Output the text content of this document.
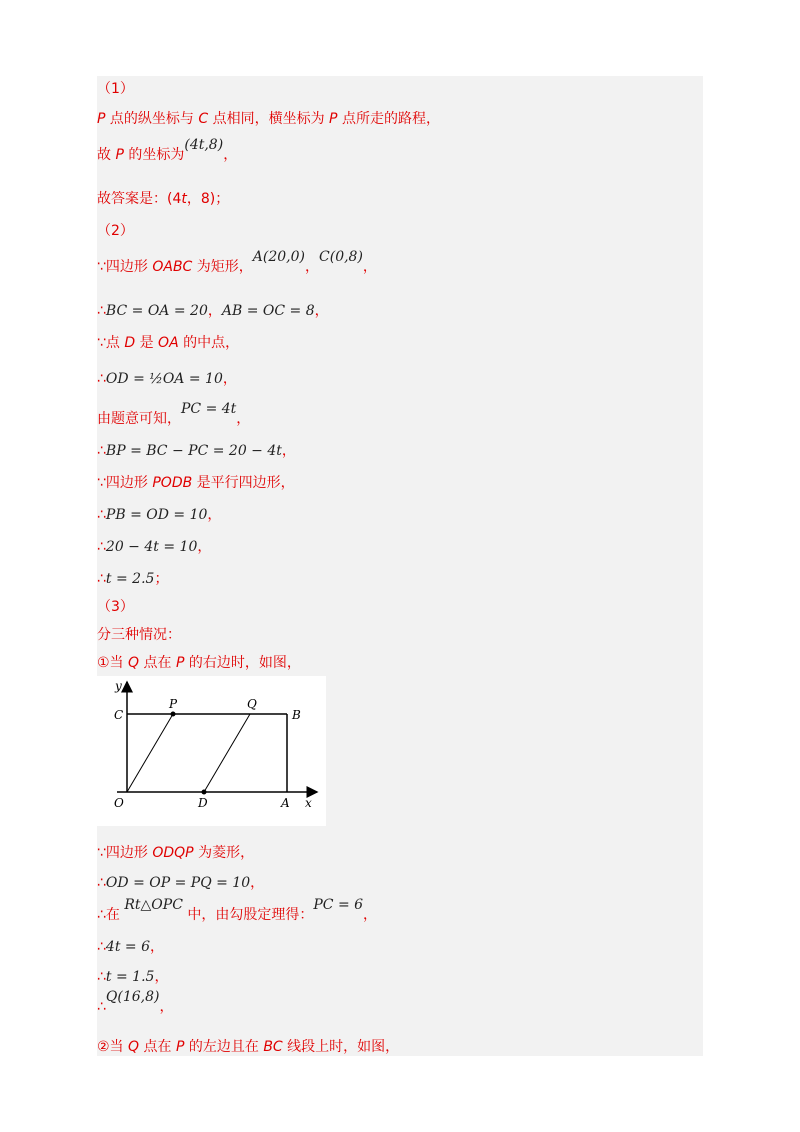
（1）
P 点的纵坐标与 C 点相同，横坐标为 P 点所走的路程，
故 P 的坐标为(4t,8)，
故答案是：(4t，8)；
（2）
∵四边形 OABC 为矩形，A(20,0)，C(0,8)，
∴BC = OA = 20，AB = OC = 8，
∵点 D 是 OA 的中点，
∴OD = ½OA = 10，
由题意可知，PC = 4t，
∴BP = BC − PC = 20 − 4t，
∵四边形 PODB 是平行四边形，
∴PB = OD = 10，
∴20 − 4t = 10，
∴t = 2.5；
（3）
分三种情况：
①当 Q 点在 P 的右边时，如图，
∵四边形 ODQP 为菱形，
∴OD = OP = PQ = 10，
∴在 Rt△OPC 中，由勾股定理得：PC = 6，
∴4t = 6，
∴t = 1.5，
∴Q(16,8)，
②当 Q 点在 P 的左边且在 BC 线段上时，如图，
y
C
P	Q
B
O	D	A x
